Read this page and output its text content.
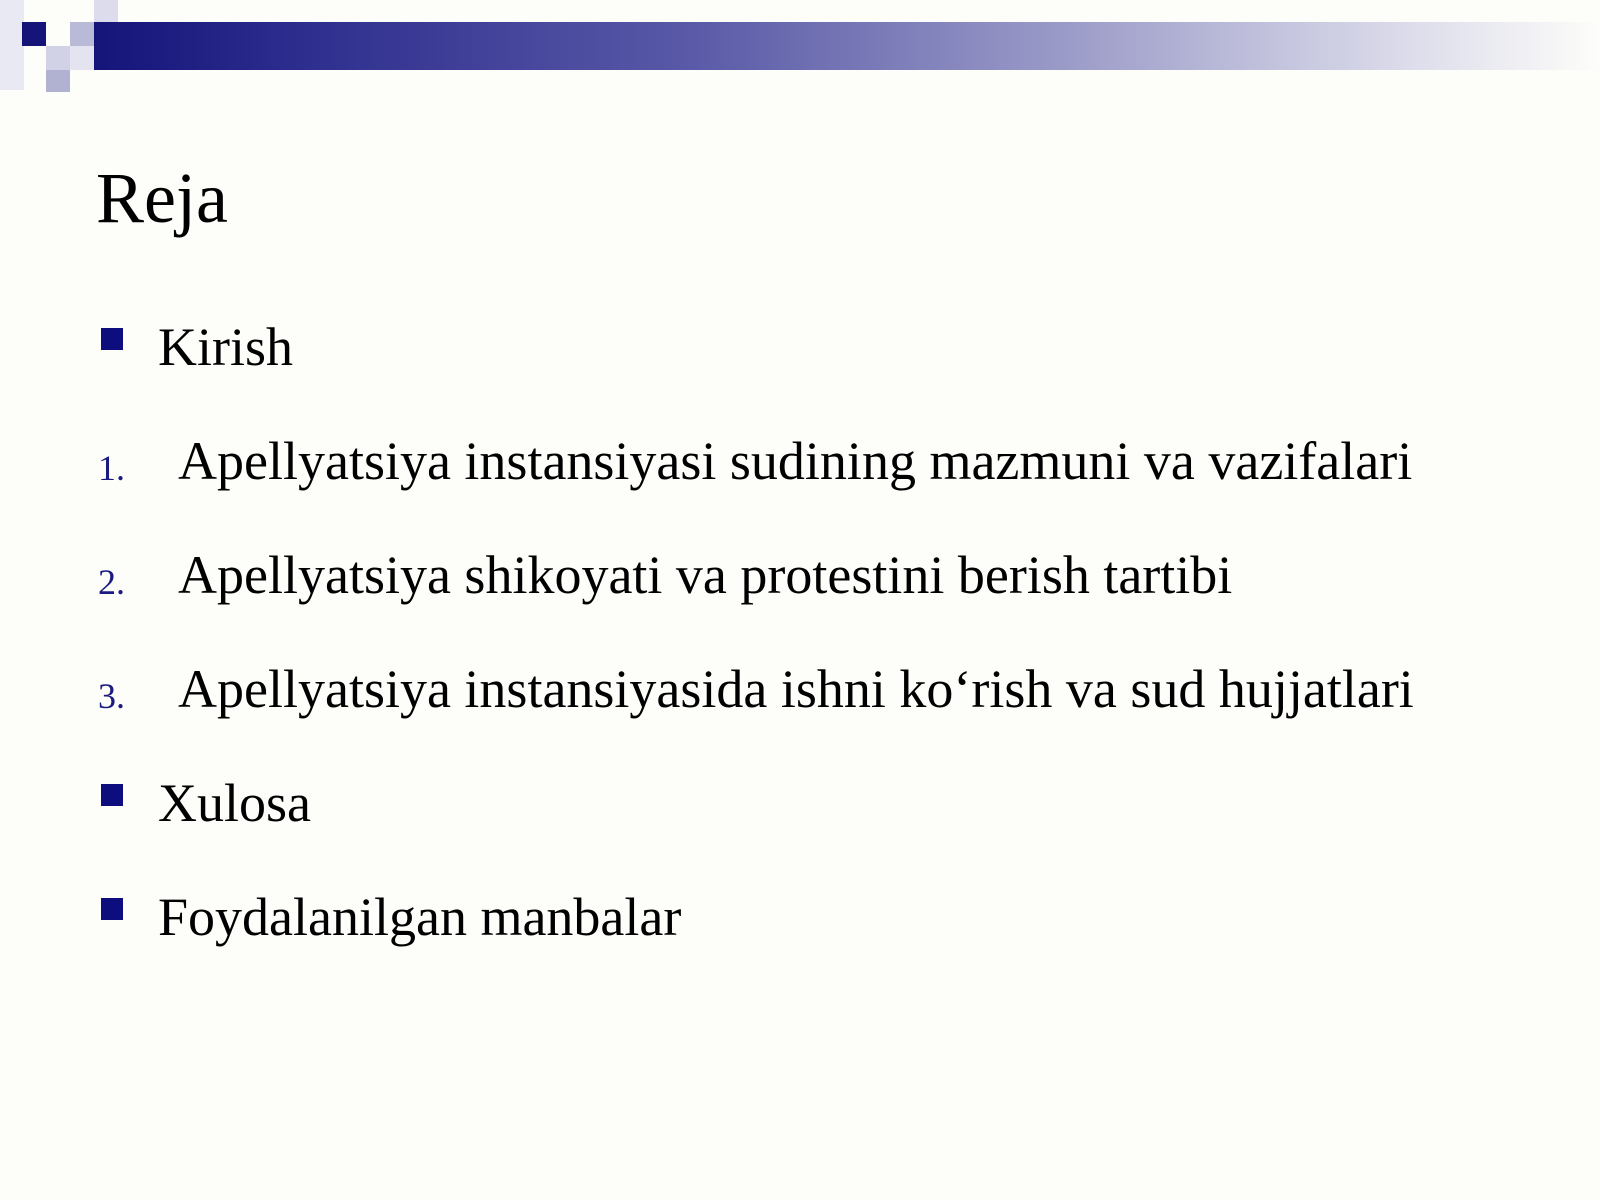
Reja
Kirish
1. Apellyatsiya instansiyasi sudining mazmuni va vazifalari
2. Apellyatsiya shikoyati va protestini berish tartibi
3. Apellyatsiya instansiyasida ishni koʻrish va sud hujjatlari
Xulosa
Foydalanilgan manbalar
